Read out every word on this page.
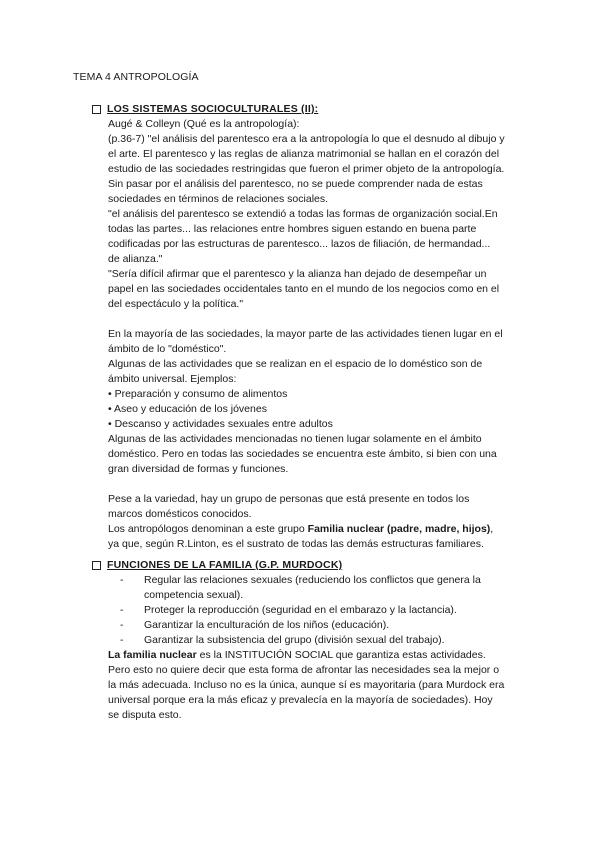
TEMA 4 ANTROPOLOGÍA
LOS SISTEMAS SOCIOCULTURALES (II):

Augé & Colleyn (Qué es la antropología):

(p.36-7) "el análisis del parentesco era a la antropología lo que el desnudo al dibujo y

el arte. El parentesco y las reglas de alianza matrimonial se hallan en el corazón del

estudio de las sociedades restringidas que fueron el primer objeto de la antropología.

Sin pasar por el análisis del parentesco, no se puede comprender nada de estas

sociedades en términos de relaciones sociales.

"el análisis del parentesco se extendió a todas las formas de organización social.En

todas las partes... las relaciones entre hombres siguen estando en buena parte

codificadas por las estructuras de parentesco... lazos de filiación, de hermandad...

de alianza."

"Sería difícil afirmar que el parentesco y la alianza han dejado de desempeñar un

papel en las sociedades occidentales tanto en el mundo de los negocios como en el

del espectáculo y la política."

En la mayoría de las sociedades, la mayor parte de las actividades tienen lugar en el

ámbito de lo "doméstico".

Algunas de las actividades que se realizan en el espacio de lo doméstico son de

ámbito universal. Ejemplos:

• Preparación y consumo de alimentos

• Aseo y educación de los jóvenes

• Descanso y actividades sexuales entre adultos

Algunas de las actividades mencionadas no tienen lugar solamente en el ámbito

doméstico. Pero en todas las sociedades se encuentra este ámbito, si bien con una

gran diversidad de formas y funciones.

Pese a la variedad, hay un grupo de personas que está presente en todos los

marcos domésticos conocidos.

Los antropólogos denominan a este grupo Familia nuclear (padre, madre, hijos),

ya que, según R.Linton, es el sustrato de todas las demás estructuras familiares.

FUNCIONES DE LA FAMILIA (G.P. MURDOCK)
-	Regular las relaciones sexuales (reduciendo los conflictos que genera la
competencia sexual).
-	Proteger la reproducción (seguridad en el embarazo y la lactancia).
-	Garantizar la enculturación de los niños (educación).
-	Garantizar la subsistencia del grupo (división sexual del trabajo).

La familia nuclear es la INSTITUCIÓN SOCIAL que garantiza estas actividades.

Pero esto no quiere decir que esta forma de afrontar las necesidades sea la mejor o

la más adecuada. Incluso no es la única, aunque sí es mayoritaria (para Murdock era

universal porque era la más eficaz y prevalecía en la mayoría de sociedades). Hoy

se disputa esto.
